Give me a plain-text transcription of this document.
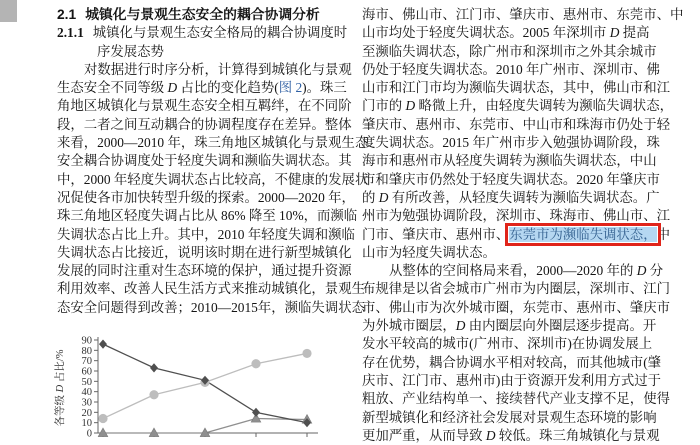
2.1 城镇化与景观生态安全的耦合协调分析
2.1.1 城镇化与景观生态安全格局的耦合协调度时
序发展态势
对数据进行时序分析，计算得到城镇化与景观
生态安全不同等级 D 占比的变化趋势(图 2)。珠三
角地区城镇化与景观生态安全相互羁绊，在不同阶
段，二者之间互动耦合的协调程度存在差异。整体
来看，2000—2010 年，珠三角地区城镇化与景观生态
安全耦合协调度处于轻度失调和濒临失调状态。其
中，2000 年轻度失调状态占比较高，不健康的发展状
况促使各市加快转型升级的探索。2000—2020 年，
珠三角地区轻度失调占比从 86% 降至 10%，而濒临
失调状态占比上升。其中，2010 年轻度失调和濒临
失调状态占比接近，说明该时期在进行新型城镇化
发展的同时注重对生态环境的保护，通过提升资源
利用效率、改善人民生活方式来推动城镇化，景观生
态安全问题得到改善；2010—2015年，濒临失调状态
海市、佛山市、江门市、肇庆市、惠州市、东莞市、中
山市均处于轻度失调状态。2005 年深圳市 D 提高
至濒临失调状态，除广州市和深圳市之外其余城市
仍处于轻度失调状态。2010 年广州市、深圳市、佛
山市和江门市均为濒临失调状态，其中，佛山市和江
门市的 D 略微上升，由轻度失调转为濒临失调状态，
肇庆市、惠州市、东莞市、中山市和珠海市仍处于轻
度失调状态。2015 年广州市步入勉强协调阶段，珠
海市和惠州市从轻度失调转为濒临失调状态，中山
市和肇庆市仍然处于轻度失调状态。2020 年肇庆市
的 D 有所改善，从轻度失调转为濒临失调状态。广
州市为勉强协调阶段，深圳市、珠海市、佛山市、江
门市、肇庆市、惠州市、东莞市为濒临失调状态，中
山市为轻度失调状态。
从整体的空间格局来看，2000—2020 年的 D 分
布规律是以省会城市广州市为内圈层，深圳市、江门
市、佛山市为次外城市圈，东莞市、惠州市、肇庆市
为外城市圈层，D 由内圈层向外圈层逐步提高。开
发水平较高的城市(广州市、深圳市)在协调发展上
存在优势，耦合协调水平相对较高，而其他城市(肇
庆市、江门市、惠州市)由于资源开发利用方式过于
粗放、产业结构单一、接续替代产业支撑不足，使得
新型城镇化和经济社会发展对景观生态环境的影响
更加严重，从而导致 D 较低。珠三角城镇化与景观
0
10
20
30
40
50
60
70
80
90
各等级 D 占比/%
